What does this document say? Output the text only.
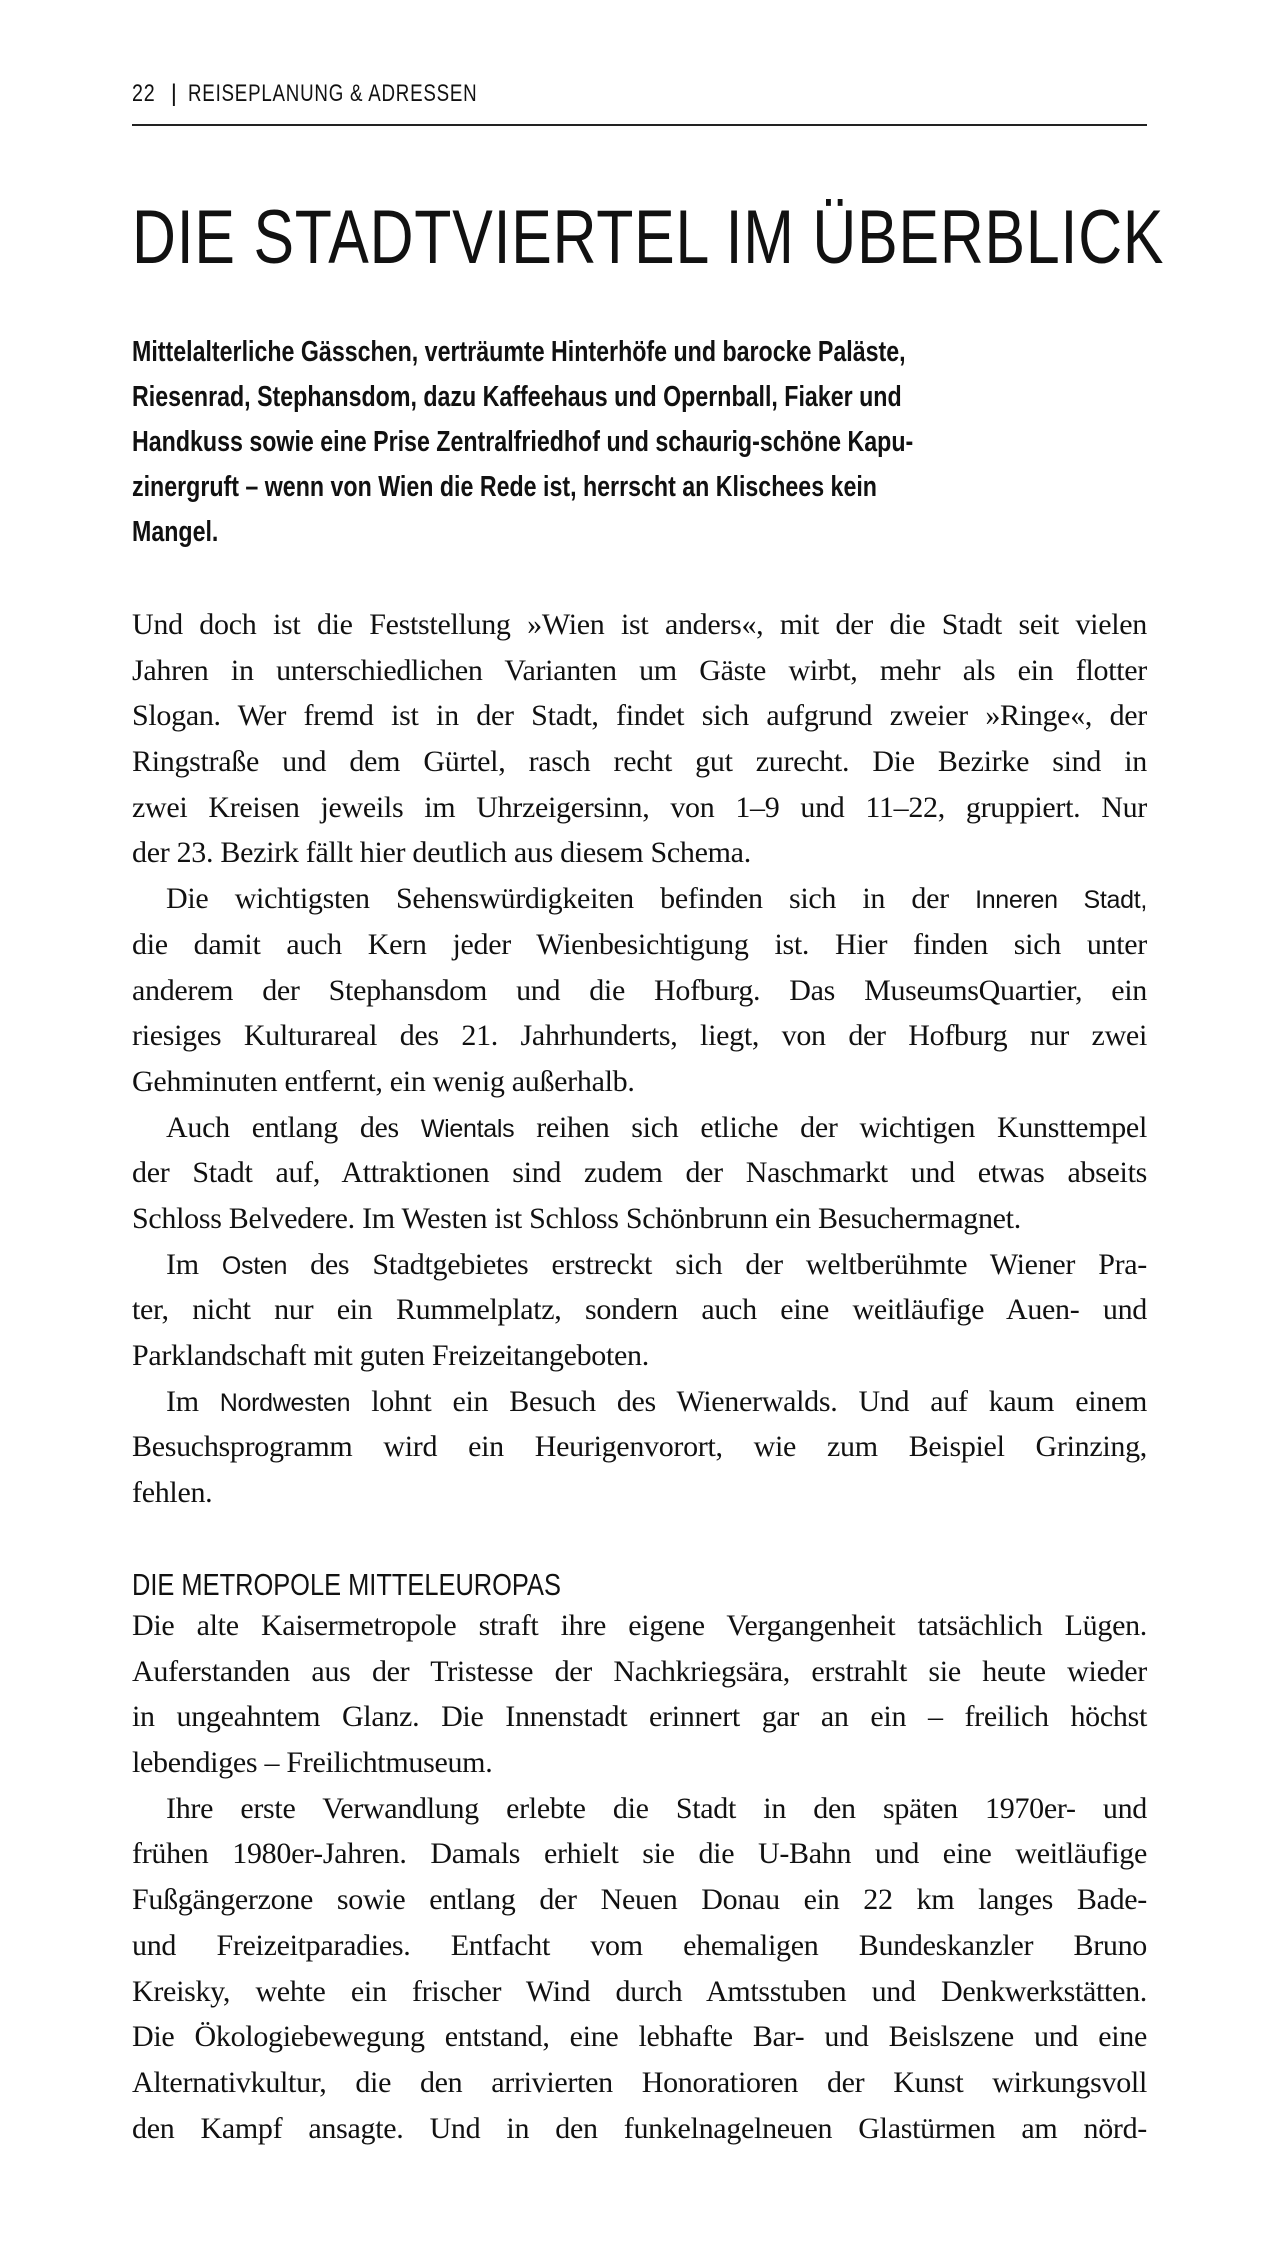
22 | REISEPLANUNG & ADRESSEN
DIE STADTVIERTEL IM ÜBERBLICK
Mittelalterliche Gässchen, verträumte Hinterhöfe und barocke Paläste,
Riesenrad, Stephansdom, dazu Kaffeehaus und Opernball, Fiaker und
Handkuss sowie eine Prise Zentralfriedhof und schaurig-schöne Kapu-
zinergruft – wenn von Wien die Rede ist, herrscht an Klischees kein
Mangel.
Und doch ist die Feststellung »Wien ist anders«, mit der die Stadt seit vielen
Jahren in unterschiedlichen Varianten um Gäste wirbt, mehr als ein flotter
Slogan. Wer fremd ist in der Stadt, findet sich aufgrund zweier »Ringe«, der
Ringstraße und dem Gürtel, rasch recht gut zurecht. Die Bezirke sind in
zwei Kreisen jeweils im Uhrzeigersinn, von 1–9 und 11–22, gruppiert. Nur
der 23. Bezirk fällt hier deutlich aus diesem Schema.
Die wichtigsten Sehenswürdigkeiten befinden sich in der Inneren Stadt,
die damit auch Kern jeder Wienbesichtigung ist. Hier finden sich unter
anderem der Stephansdom und die Hofburg. Das MuseumsQuartier, ein
riesiges Kulturareal des 21. Jahrhunderts, liegt, von der Hofburg nur zwei
Gehminuten entfernt, ein wenig außerhalb.
Auch entlang des Wientals reihen sich etliche der wichtigen Kunsttempel
der Stadt auf, Attraktionen sind zudem der Naschmarkt und etwas abseits
Schloss Belvedere. Im Westen ist Schloss Schönbrunn ein Besuchermagnet.
Im Osten des Stadtgebietes erstreckt sich der weltberühmte Wiener Pra-
ter, nicht nur ein Rummelplatz, sondern auch eine weitläufige Auen- und
Parklandschaft mit guten Freizeitangeboten.
Im Nordwesten lohnt ein Besuch des Wienerwalds. Und auf kaum einem
Besuchsprogramm wird ein Heurigenvorort, wie zum Beispiel Grinzing,
fehlen.
DIE METROPOLE MITTELEUROPAS
Die alte Kaisermetropole straft ihre eigene Vergangenheit tatsächlich Lügen.
Auferstanden aus der Tristesse der Nachkriegsära, erstrahlt sie heute wieder
in ungeahntem Glanz. Die Innenstadt erinnert gar an ein – freilich höchst
lebendiges – Freilichtmuseum.
Ihre erste Verwandlung erlebte die Stadt in den späten 1970er- und
frühen 1980er-Jahren. Damals erhielt sie die U-Bahn und eine weitläufige
Fußgängerzone sowie entlang der Neuen Donau ein 22 km langes Bade-
und Freizeitparadies. Entfacht vom ehemaligen Bundeskanzler Bruno
Kreisky, wehte ein frischer Wind durch Amtsstuben und Denkwerkstätten.
Die Ökologiebewegung entstand, eine lebhafte Bar- und Beislszene und eine
Alternativkultur, die den arrivierten Honoratioren der Kunst wirkungsvoll
den Kampf ansagte. Und in den funkelnagelneuen Glastürmen am nörd-
